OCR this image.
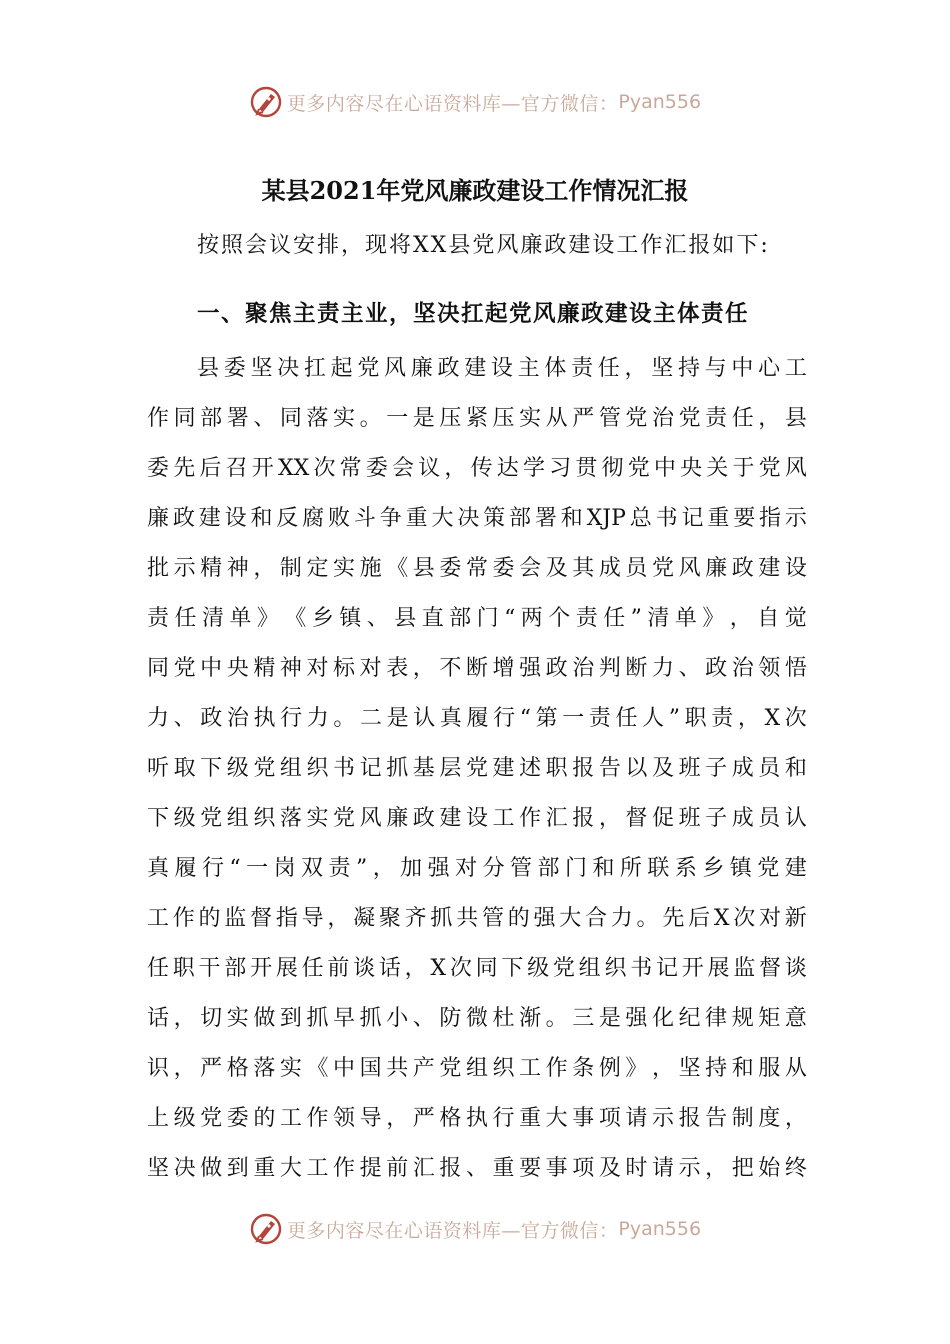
更多内容尽在心语资料库—官方微信： Pyan556
某县2021年党风廉政建设工作情况汇报

按照会议安排，现将XX县党风廉政建设工作汇报如下:

一、聚焦主责主业，坚决扛起党风廉政建设主体责任

县 委 坚 决 扛 起 党 风 廉 政 建 设 主 体 责 任 ， 坚 持 与 中 心 工

作 同 部 署 、 同 落 实 。 一 是 压 紧 压 实 从 严 管 党 治 党 责 任 ， 县

委 先 后 召 开 XX 次 常 委 会 议 ， 传 达 学 习 贯 彻 党 中 央 关 于 党 风

廉 政 建 设 和 反 腐 败 斗 争 重 大 决 策 部 署 和 XJP 总 书 记 重 要 指 示

批 示 精 神 ， 制 定 实 施 《 县 委 常 委 会 及 其 成 员 党 风 廉 政 建 设

责 任 清 单 》 《 乡 镇 、 县 直 部 门 “ 两 个 责 任 ” 清 单 》 ， 自 觉

同 党 中 央 精 神 对 标 对 表 ， 不 断 增 强 政 治 判 断 力 、 政 治 领 悟

力 、 政 治 执 行 力 。 二 是 认 真 履 行 “ 第 一 责 任 人 ” 职 责 ， X 次

听 取 下 级 党 组 织 书 记 抓 基 层 党 建 述 职 报 告 以 及 班 子 成 员 和

下 级 党 组 织 落 实 党 风 廉 政 建 设 工 作 汇 报 ， 督 促 班 子 成 员 认

真 履 行 “ 一 岗 双 责 ” ， 加 强 对 分 管 部 门 和 所 联 系 乡 镇 党 建

工 作 的 监 督 指 导 ， 凝 聚 齐 抓 共 管 的 强 大 合 力 。 先 后 X 次 对 新

任 职 干 部 开 展 任 前 谈 话 ， X 次 同 下 级 党 组 织 书 记 开 展 监 督 谈

话 ， 切 实 做 到 抓 早 抓 小 、 防 微 杜 渐 。 三 是 强 化 纪 律 规 矩 意

识 ， 严 格 落 实 《 中 国 共 产 党 组 织 工 作 条 例 》 ， 坚 持 和 服 从

上 级 党 委 的 工 作 领 导 ， 严 格 执 行 重 大 事 项 请 示 报 告 制 度 ，

坚 决 做 到 重 大 工 作 提 前 汇 报 、 重 要 事 项 及 时 请 示 ， 把 始 终

更多内容尽在心语资料库—官方微信： Pyan556
